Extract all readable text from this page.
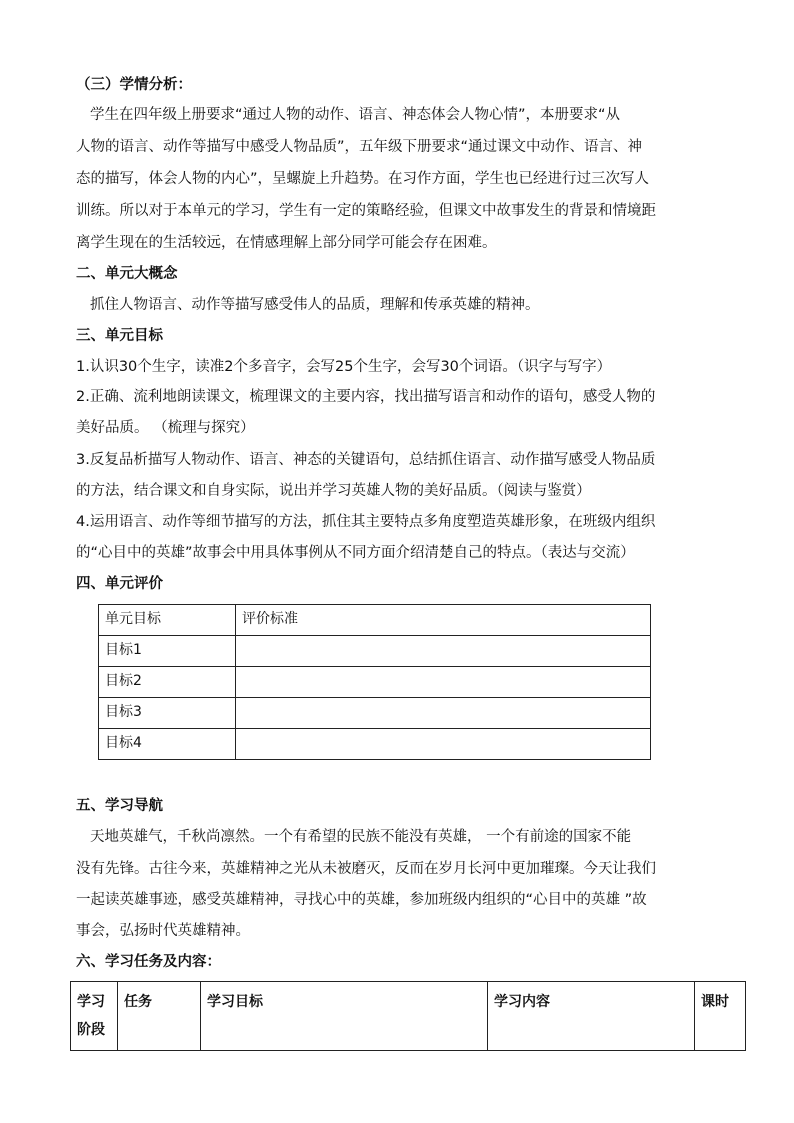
（三）学情分析：
学生在四年级上册要求“通过人物的动作、语言、神态体会人物心情”，本册要求“从
人物的语言、动作等描写中感受人物品质”，五年级下册要求“通过课文中动作、语言、神
态的描写，体会人物的内心”，呈螺旋上升趋势。在习作方面，学生也已经进行过三次写人
训练。所以对于本单元的学习，学生有一定的策略经验，但课文中故事发生的背景和情境距
离学生现在的生活较远，在情感理解上部分同学可能会存在困难。
二、单元大概念
抓住人物语言、动作等描写感受伟人的品质，理解和传承英雄的精神。
三、单元目标
1.认识30个生字，读准2个多音字，会写25个生字，会写30个词语。（识字与写字）
2.正确、流利地朗读课文，梳理课文的主要内容，找出描写语言和动作的语句，感受人物的
美好品质。 （梳理与探究）
3.反复品析描写人物动作、语言、神态的关键语句，总结抓住语言、动作描写感受人物品质
的方法，结合课文和自身实际，说出并学习英雄人物的美好品质。（阅读与鉴赏）
4.运用语言、动作等细节描写的方法，抓住其主要特点多角度塑造英雄形象，在班级内组织
的“心目中的英雄”故事会中用具体事例从不同方面介绍清楚自己的特点。（表达与交流）
四、单元评价
单元目标	评价标准
目标1	
目标2	
目标3	
目标4	
五、学习导航
天地英雄气，千秋尚凛然。一个有希望的民族不能没有英雄， 一个有前途的国家不能
没有先锋。古往今来，英雄精神之光从未被磨灭，反而在岁月长河中更加璀璨。今天让我们
一起读英雄事迹，感受英雄精神，寻找心中的英雄，参加班级内组织的“心目中的英雄 ”故
事会，弘扬时代英雄精神。
六、学习任务及内容：
学习阶段	任务	学习目标	学习内容	课时
